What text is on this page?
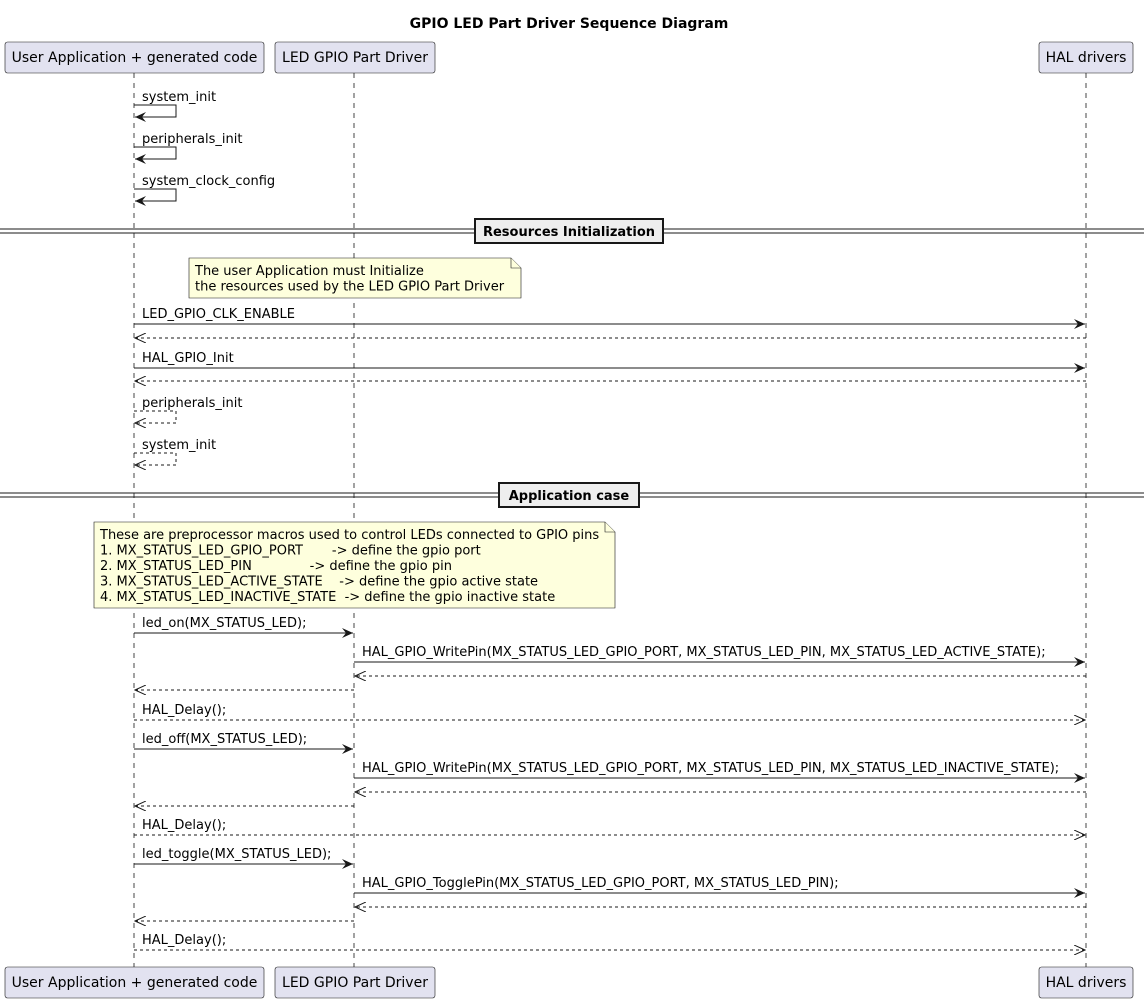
GPIO LED Part Driver Sequence Diagram
Resources Initialization
Application case
The user Application must Initialize
the resources used by the LED GPIO Part Driver
These are preprocessor macros used to control LEDs connected to GPIO pins
1. MX_STATUS_LED_GPIO_PORT       -> define the gpio port
2. MX_STATUS_LED_PIN              -> define the gpio pin
3. MX_STATUS_LED_ACTIVE_STATE    -> define the gpio active state
4. MX_STATUS_LED_INACTIVE_STATE  -> define the gpio inactive state
system_init
peripherals_init
system_clock_config
LED_GPIO_CLK_ENABLE
HAL_GPIO_Init
peripherals_init
system_init
led_on(MX_STATUS_LED);
HAL_GPIO_WritePin(MX_STATUS_LED_GPIO_PORT, MX_STATUS_LED_PIN, MX_STATUS_LED_ACTIVE_STATE);
HAL_Delay();
led_off(MX_STATUS_LED);
HAL_GPIO_WritePin(MX_STATUS_LED_GPIO_PORT, MX_STATUS_LED_PIN, MX_STATUS_LED_INACTIVE_STATE);
HAL_Delay();
led_toggle(MX_STATUS_LED);
HAL_GPIO_TogglePin(MX_STATUS_LED_GPIO_PORT, MX_STATUS_LED_PIN);
HAL_Delay();
User Application + generated code LED GPIO Part Driver	HAL drivers
User Application + generated code LED GPIO Part Driver	HAL drivers
